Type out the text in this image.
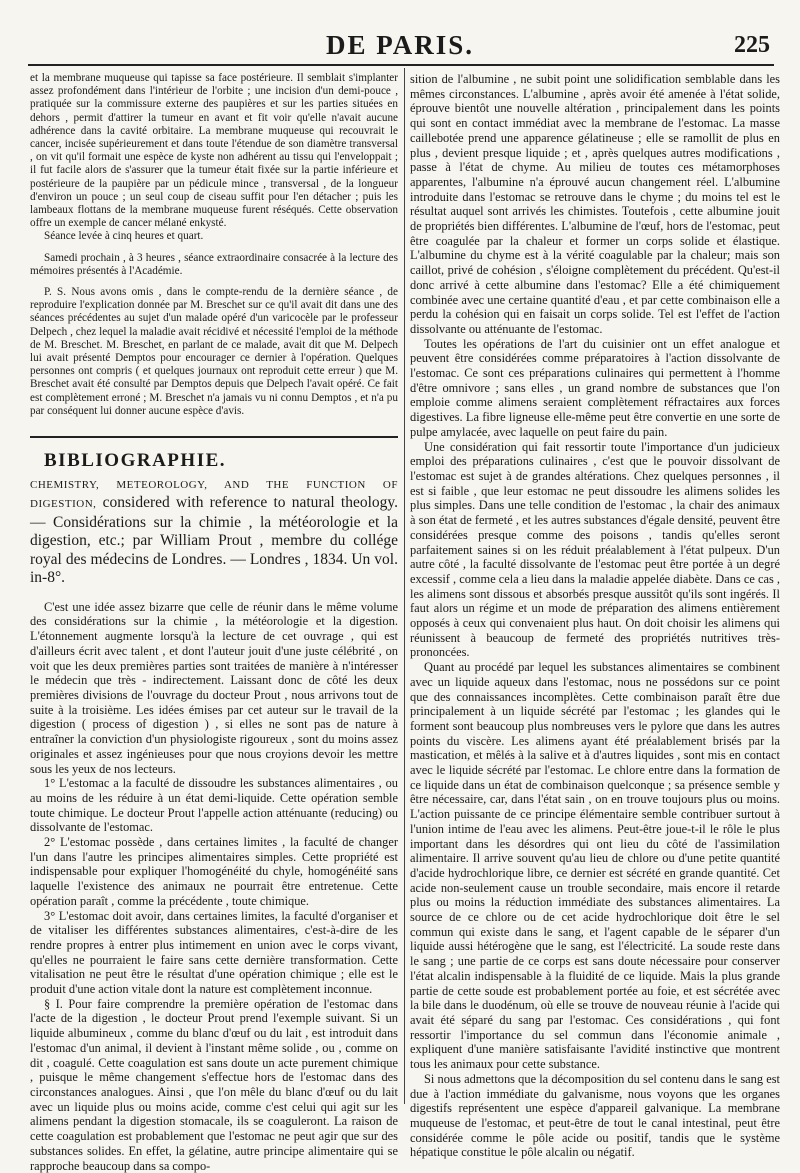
DE PARIS.	225

et la membrane muqueuse qui tapisse sa face postérieure. Il semblait s'implanter assez profondément dans l'intérieur de l'orbite ; une incision d'un demi-pouce , pratiquée sur la commissure externe des paupières et sur les parties situées en dehors , permit d'attirer la tumeur en avant et fit voir qu'elle n'avait aucune adhérence dans la cavité orbitaire. La membrane muqueuse qui recouvrait le cancer, incisée supérieurement et dans toute l'étendue de son diamètre transversal , on vit qu'il formait une espèce de kyste non adhérent au tissu qui l'enveloppait ; il fut facile alors de s'assurer que la tumeur était fixée sur la partie inférieure et postérieure de la paupière par un pédicule mince , transversal , de la longueur d'environ un pouce ; un seul coup de ciseau suffit pour l'en détacher ; puis les lambeaux flottans de la membrane muqueuse furent réséqués. Cette observation offre un exemple de cancer mélané enkysté.

Séance levée à cinq heures et quart.

Samedi prochain , à 3 heures , séance extraordinaire consacrée à la lecture des mémoires présentés à l'Académie.

P. S. Nous avons omis , dans le compte-rendu de la dernière séance , de reproduire l'explication donnée par M. Breschet sur ce qu'il avait dit dans une des séances précédentes au sujet d'un malade opéré d'un varicocèle par le professeur Delpech , chez lequel la maladie avait récidivé et nécessité l'emploi de la méthode de M. Breschet. M. Breschet, en parlant de ce malade, avait dit que M. Delpech lui avait présenté Demptos pour encourager ce dernier à l'opération. Quelques personnes ont compris ( et quelques journaux ont reproduit cette erreur ) que M. Breschet avait été consulté par Demptos depuis que Delpech l'avait opéré. Ce fait est complètement erroné ; M. Breschet n'a jamais vu ni connu Demptos , et n'a pu par conséquent lui donner aucune espèce d'avis.

BIBLIOGRAPHIE.
CHEMISTRY, METEOROLOGY, AND THE FUNCTION OF DIGESTION, considered with reference to natural theology. — Considérations sur la chimie , la météorologie et la digestion, etc.; par William Prout , membre du collége royal des médecins de Londres. — Londres , 1834. Un vol. in-8°.

C'est une idée assez bizarre que celle de réunir dans le même volume des considérations sur la chimie , la météorologie et la digestion. L'étonnement augmente lorsqu'à la lecture de cet ouvrage , qui est d'ailleurs écrit avec talent , et dont l'auteur jouit d'une juste célébrité , on voit que les deux premières parties sont traitées de manière à n'intéresser le médecin que très - indirectement. Laissant donc de côté les deux premières divisions de l'ouvrage du docteur Prout , nous arrivons tout de suite à la troisième. Les idées émises par cet auteur sur le travail de la digestion ( process of digestion ) , si elles ne sont pas de nature à entraîner la conviction d'un physiologiste rigoureux , sont du moins assez originales et assez ingénieuses pour que nous croyions devoir les mettre sous les yeux de nos lecteurs.

1° L'estomac a la faculté de dissoudre les substances alimentaires , ou au moins de les réduire à un état demi-liquide. Cette opération semble toute chimique. Le docteur Prout l'appelle action atténuante (reducing) ou dissolvante de l'estomac.

2° L'estomac possède , dans certaines limites , la faculté de changer l'un dans l'autre les principes alimentaires simples. Cette propriété est indispensable pour expliquer l'homogénéité du chyle, homogénéité sans laquelle l'existence des animaux ne pourrait être entretenue. Cette opération paraît , comme la précédente , toute chimique.

3° L'estomac doit avoir, dans certaines limites, la faculté d'organiser et de vitaliser les différentes substances alimentaires, c'est-à-dire de les rendre propres à entrer plus intimement en union avec le corps vivant, qu'elles ne pourraient le faire sans cette dernière transformation. Cette vitalisation ne peut être le résultat d'une opération chimique ; elle est le produit d'une action vitale dont la nature est complètement inconnue.

§ I. Pour faire comprendre la première opération de l'estomac dans l'acte de la digestion , le docteur Prout prend l'exemple suivant. Si un liquide albumineux , comme du blanc d'œuf ou du lait , est introduit dans l'estomac d'un animal, il devient à l'instant même solide , ou , comme on dit , coagulé. Cette coagulation est sans doute un acte purement chimique , puisque le même changement s'effectue hors de l'estomac dans des circonstances analogues. Ainsi , que l'on mêle du blanc d'œuf ou du lait avec un liquide plus ou moins acide, comme c'est celui qui agit sur les alimens pendant la digestion stomacale, ils se coaguleront. La raison de cette coagulation est probablement que l'estomac ne peut agir que sur des substances solides. En effet, la gélatine, autre principe alimentaire qui se rapproche beaucoup dans sa compo-

sition de l'albumine , ne subit point une solidification semblable dans les mêmes circonstances. L'albumine , après avoir été amenée à l'état solide, éprouve bientôt une nouvelle altération , principalement dans les points qui sont en contact immédiat avec la membrane de l'estomac. La masse caillebotée prend une apparence gélatineuse ; elle se ramollit de plus en plus , devient presque liquide ; et , après quelques autres modifications , passe à l'état de chyme. Au milieu de toutes ces métamorphoses apparentes, l'albumine n'a éprouvé aucun changement réel. L'albumine introduite dans l'estomac se retrouve dans le chyme ; du moins tel est le résultat auquel sont arrivés les chimistes. Toutefois , cette albumine jouit de propriétés bien différentes. L'albumine de l'œuf, hors de l'estomac, peut être coagulée par la chaleur et former un corps solide et élastique. L'albumine du chyme est à la vérité coagulable par la chaleur; mais son caillot, privé de cohésion , s'éloigne complètement du précédent. Qu'est-il donc arrivé à cette albumine dans l'estomac? Elle a été chimiquement combinée avec une certaine quantité d'eau , et par cette combinaison elle a perdu la cohésion qui en faisait un corps solide. Tel est l'effet de l'action dissolvante ou atténuante de l'estomac.

Toutes les opérations de l'art du cuisinier ont un effet analogue et peuvent être considérées comme préparatoires à l'action dissolvante de l'estomac. Ce sont ces préparations culinaires qui permettent à l'homme d'être omnivore ; sans elles , un grand nombre de substances que l'on emploie comme alimens seraient complètement réfractaires aux forces digestives. La fibre ligneuse elle-même peut être convertie en une sorte de pulpe amylacée, avec laquelle on peut faire du pain.

Une considération qui fait ressortir toute l'importance d'un judicieux emploi des préparations culinaires , c'est que le pouvoir dissolvant de l'estomac est sujet à de grandes altérations. Chez quelques personnes , il est si faible , que leur estomac ne peut dissoudre les alimens solides les plus simples. Dans une telle condition de l'estomac , la chair des animaux à son état de fermeté , et les autres substances d'égale densité, peuvent être considérées presque comme des poisons , tandis qu'elles seront parfaitement saines si on les réduit préalablement à l'état pulpeux. D'un autre côté , la faculté dissolvante de l'estomac peut être portée à un degré excessif , comme cela a lieu dans la maladie appelée diabète. Dans ce cas , les alimens sont dissous et absorbés presque aussitôt qu'ils sont ingérés. Il faut alors un régime et un mode de préparation des alimens entièrement opposés à ceux qui convenaient plus haut. On doit choisir les alimens qui réunissent à beaucoup de fermeté des propriétés nutritives très-prononcées.

Quant au procédé par lequel les substances alimentaires se combinent avec un liquide aqueux dans l'estomac, nous ne possédons sur ce point que des connaissances incomplètes. Cette combinaison paraît être due principalement à un liquide sécrété par l'estomac ; les glandes qui le forment sont beaucoup plus nombreuses vers le pylore que dans les autres points du viscère. Les alimens ayant été préalablement brisés par la mastication, et mêlés à la salive et à d'autres liquides , sont mis en contact avec le liquide sécrété par l'estomac. Le chlore entre dans la formation de ce liquide dans un état de combinaison quelconque ; sa présence semble y être nécessaire, car, dans l'état sain , on en trouve toujours plus ou moins. L'action puissante de ce principe élémentaire semble contribuer surtout à l'union intime de l'eau avec les alimens. Peut-être joue-t-il le rôle le plus important dans les désordres qui ont lieu du côté de l'assimilation alimentaire. Il arrive souvent qu'au lieu de chlore ou d'une petite quantité d'acide hydrochlorique libre, ce dernier est sécrété en grande quantité. Cet acide non-seulement cause un trouble secondaire, mais encore il retarde plus ou moins la réduction immédiate des substances alimentaires. La source de ce chlore ou de cet acide hydrochlorique doit être le sel commun qui existe dans le sang, et l'agent capable de le séparer d'un liquide aussi hétérogène que le sang, est l'électricité. La soude reste dans le sang ; une partie de ce corps est sans doute nécessaire pour conserver l'état alcalin indispensable à la fluidité de ce liquide. Mais la plus grande partie de cette soude est probablement portée au foie, et est sécrétée avec la bile dans le duodénum, où elle se trouve de nouveau réunie à l'acide qui avait été séparé du sang par l'estomac. Ces considérations , qui font ressortir l'importance du sel commun dans l'économie animale , expliquent d'une manière satisfaisante l'avidité instinctive que montrent tous les animaux pour cette substance.

Si nous admettons que la décomposition du sel contenu dans le sang est due à l'action immédiate du galvanisme, nous voyons que les organes digestifs représentent une espèce d'appareil galvanique. La membrane muqueuse de l'estomac, et peut-être de tout le canal intestinal, peut être considérée comme le pôle acide ou positif, tandis que le système hépatique constitue le pôle alcalin ou négatif.
